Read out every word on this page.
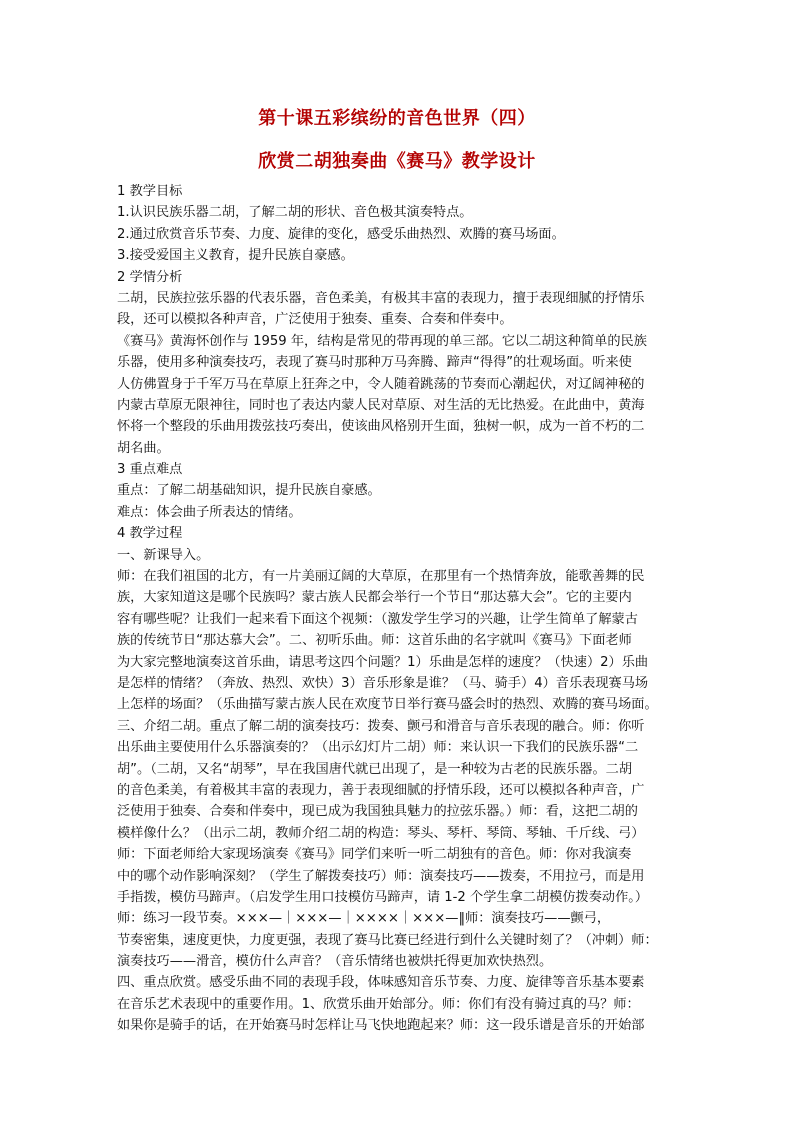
第十课五彩缤纷的音色世界（四）
欣赏二胡独奏曲《赛马》教学设计
1 教学目标
1.认识民族乐器二胡，了解二胡的形状、音色极其演奏特点。
2.通过欣赏音乐节奏、力度、旋律的变化，感受乐曲热烈、欢腾的赛马场面。
3.接受爱国主义教育，提升民族自豪感。
2 学情分析
二胡，民族拉弦乐器的代表乐器，音色柔美，有极其丰富的表现力，擅于表现细腻的抒情乐
段，还可以模拟各种声音，广泛使用于独奏、重奏、合奏和伴奏中。
《赛马》黄海怀创作与 1959 年，结构是常见的带再现的单三部。它以二胡这种简单的民族
乐器，使用多种演奏技巧，表现了赛马时那种万马奔腾、蹄声“得得”的壮观场面。听来使
人仿佛置身于千军万马在草原上狂奔之中，令人随着跳荡的节奏而心潮起伏，对辽阔神秘的
内蒙古草原无限神往，同时也了表达内蒙人民对草原、对生活的无比热爱。在此曲中，黄海
怀将一个整段的乐曲用拨弦技巧奏出，使该曲风格别开生面，独树一帜，成为一首不朽的二
胡名曲。
3 重点难点
重点：了解二胡基础知识，提升民族自豪感。
难点：体会曲子所表达的情绪。
4 教学过程
一、新课导入。
师：在我们祖国的北方，有一片美丽辽阔的大草原，在那里有一个热情奔放，能歌善舞的民
族，大家知道这是哪个民族吗？蒙古族人民都会举行一个节日“那达慕大会”。它的主要内
容有哪些呢？让我们一起来看下面这个视频：（激发学生学习的兴趣，让学生简单了解蒙古
族的传统节日“那达慕大会”。二、初听乐曲。师：这首乐曲的名字就叫《赛马》下面老师
为大家完整地演奏这首乐曲，请思考这四个问题？1）乐曲是怎样的速度？（快速）2）乐曲
是怎样的情绪？（奔放、热烈、欢快）3）音乐形象是谁？（马、骑手）4）音乐表现赛马场
上怎样的场面？（乐曲描写蒙古族人民在欢度节日举行赛马盛会时的热烈、欢腾的赛马场面。
三、介绍二胡。重点了解二胡的演奏技巧：拨奏、颤弓和滑音与音乐表现的融合。师：你听
出乐曲主要使用什么乐器演奏的？（出示幻灯片二胡）师：来认识一下我们的民族乐器“二
胡”。（二胡，又名“胡琴”，早在我国唐代就已出现了，是一种较为古老的民族乐器。二胡
的音色柔美，有着极其丰富的表现力，善于表现细腻的抒情乐段，还可以模拟各种声音，广
泛使用于独奏、合奏和伴奏中，现已成为我国独具魅力的拉弦乐器。）师：看，这把二胡的
模样像什么？（出示二胡，教师介绍二胡的构造：琴头、琴杆、琴筒、琴轴、千斤线、弓）
师：下面老师给大家现场演奏《赛马》同学们来听一听二胡独有的音色。师：你对我演奏
中的哪个动作影响深刻？（学生了解拨奏技巧）师：演奏技巧——拨奏，不用拉弓，而是用
手指拨，模仿马蹄声。（启发学生用口技模仿马蹄声，请 1-2 个学生拿二胡模仿拨奏动作。）
师：练习一段节奏。×××—｜×××—｜××××｜×××—‖师：演奏技巧——颤弓，
节奏密集，速度更快，力度更强，表现了赛马比赛已经进行到什么关键时刻了？（冲刺）师：
演奏技巧——滑音，模仿什么声音？（音乐情绪也被烘托得更加欢快热烈。
四、重点欣赏。感受乐曲不同的表现手段，体味感知音乐节奏、力度、旋律等音乐基本要素
在音乐艺术表现中的重要作用。1、欣赏乐曲开始部分。师：你们有没有骑过真的马？师：
如果你是骑手的话，在开始赛马时怎样让马飞快地跑起来？师：这一段乐谱是音乐的开始部
